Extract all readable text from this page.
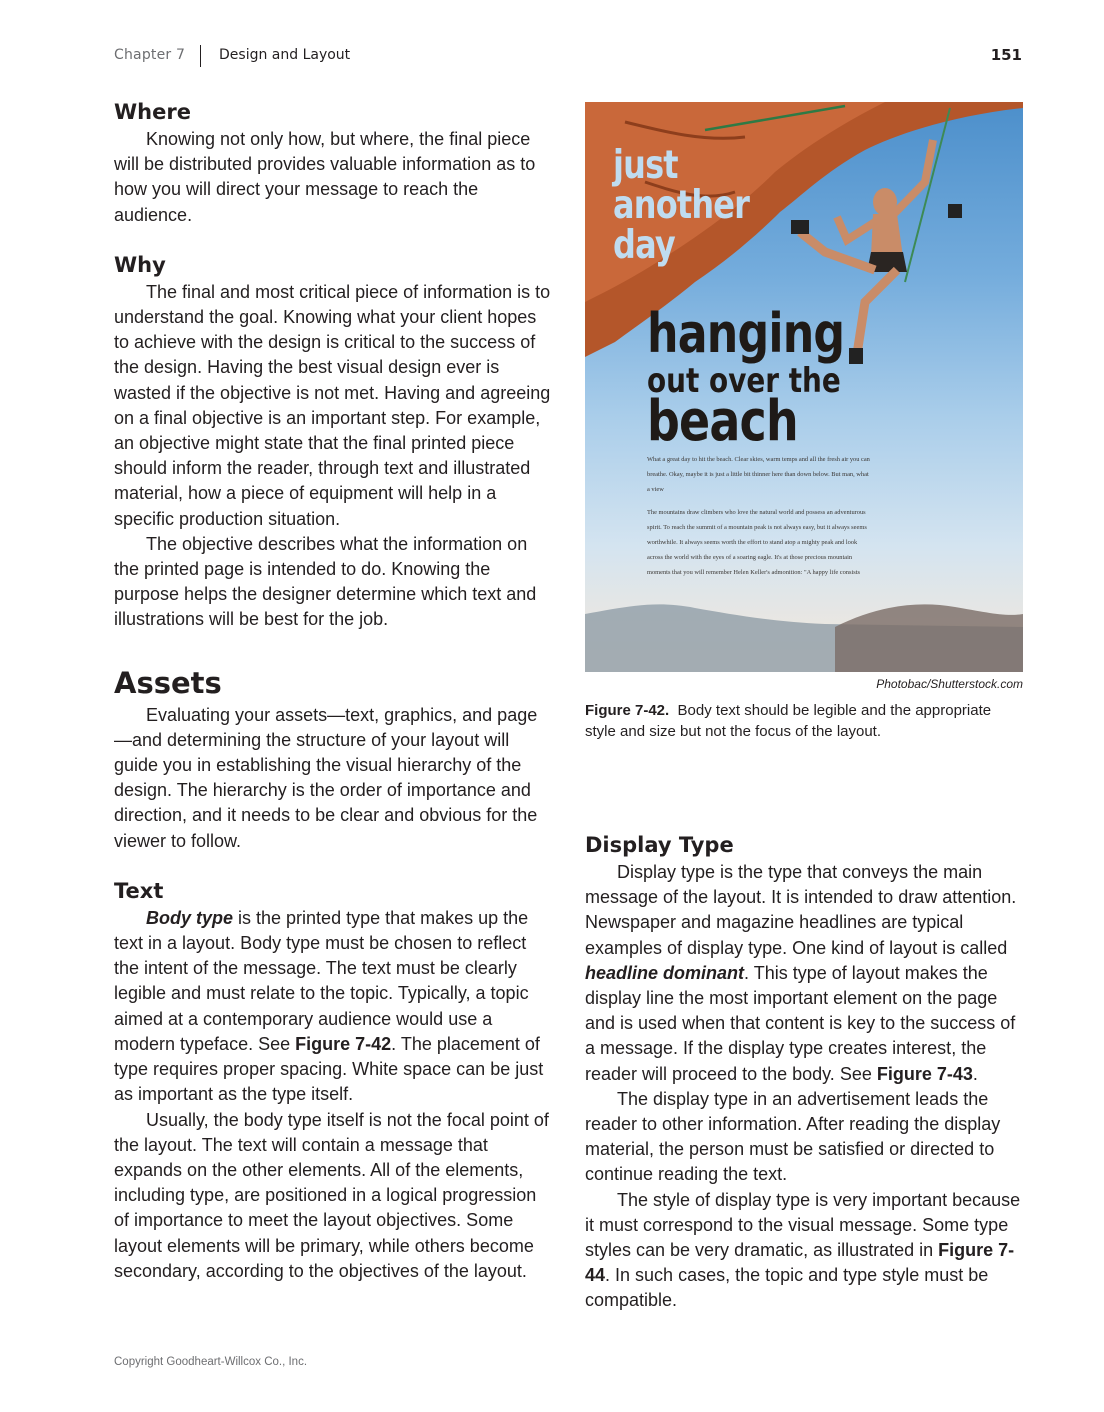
Chapter 7 Design and Layout	151
Where

Knowing not only how, but where, the final piece will be distributed provides valuable information as to how you will direct your message to reach the audience.

Why

The final and most critical piece of information is to understand the goal. Knowing what your client hopes to achieve with the design is critical to the success of the design. Having the best visual design ever is wasted if the objective is not met. Having and agreeing on a final objective is an important step. For example, an objective might state that the final printed piece should inform the reader, through text and illustrated material, how a piece of equipment will help in a specific production situation.

The objective describes what the information on the printed page is intended to do. Knowing the purpose helps the designer determine which text and illustrations will be best for the job.

Assets

Evaluating your assets—text, graphics, and page—and determining the structure of your layout will guide you in establishing the visual hierarchy of the design. The hierarchy is the order of importance and direction, and it needs to be clear and obvious for the viewer to follow.

Text

Body type is the printed type that makes up the text in a layout. Body type must be chosen to reflect the intent of the message. The text must be clearly legible and must relate to the topic. Typically, a topic aimed at a contemporary audience would use a modern typeface. See Figure 7-42. The placement of type requires proper spacing. White space can be just as important as the type itself.

Usually, the body type itself is not the focal point of the layout. The text will contain a message that expands on the other elements. All of the elements, including type, are positioned in a logical progression of importance to meet the layout objectives. Some layout elements will be primary, while others become secondary, according to the objectives of the layout.

just
another
day
hanging
out over the
beach
What a great day to hit the beach. Clear skies, warm temps and all the fresh air you can breathe. Okay, maybe it is just a little bit thinner here than down below. But man, what a view
The mountains draw climbers who love the natural world and possess an adventurous spirit. To reach the summit of a mountain peak is not always easy, but it always seems worthwhile. It always seems worth the effort to stand atop a mighty peak and look across the world with the eyes of a soaring eagle. It's at those precious mountain moments that you will remember Helen Keller's admonition: "A happy life consists
Photobac/Shutterstock.com
Figure 7-42. Body text should be legible and the appropriate style and size but not the focus of the layout.
Display Type

Display type is the type that conveys the main message of the layout. It is intended to draw attention. Newspaper and magazine headlines are typical examples of display type. One kind of layout is called headline dominant. This type of layout makes the display line the most important element on the page and is used when that content is key to the success of a message. If the display type creates interest, the reader will proceed to the body. See Figure 7-43.

The display type in an advertisement leads the reader to other information. After reading the display material, the person must be satisfied or directed to continue reading the text.

The style of display type is very important because it must correspond to the visual message. Some type styles can be very dramatic, as illustrated in Figure 7-44. In such cases, the topic and type style must be compatible.

Copyright Goodheart-Willcox Co., Inc.
